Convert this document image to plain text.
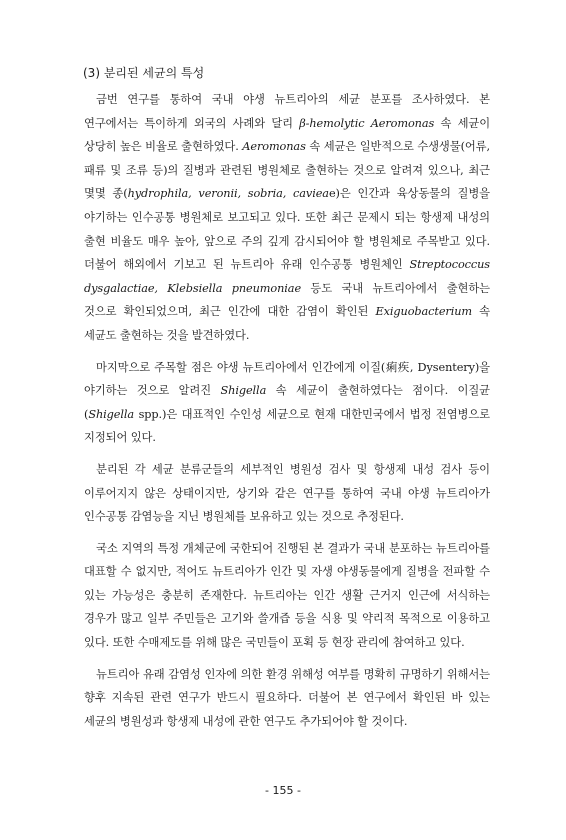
(3) 분리된 세균의 특성

금번 연구를 통하여 국내 야생 뉴트리아의 세균 분포를 조사하였다. 본 연구에서는 특이하게 외국의 사례와 달리 β-hemolytic Aeromonas 속 세균이 상당히 높은 비율로 출현하였다. Aeromonas 속 세균은 일반적으로 수생생물(어류, 패류 및 조류 등)의 질병과 관련된 병원체로 출현하는 것으로 알려져 있으나, 최근 몇몇 종(hydrophila, veronii, sobria, cavieae)은 인간과 육상동물의 질병을 야기하는 인수공통 병원체로 보고되고 있다. 또한 최근 문제시 되는 항생제 내성의 출현 비율도 매우 높아, 앞으로 주의 깊게 감시되어야 할 병원체로 주목받고 있다. 더불어 해외에서 기보고 된 뉴트리아 유래 인수공통 병원체인 Streptococcus dysgalactiae, Klebsiella pneumoniae 등도 국내 뉴트리아에서 출현하는 것으로 확인되었으며, 최근 인간에 대한 감염이 확인된 Exiguobacterium 속 세균도 출현하는 것을 발견하였다.

마지막으로 주목할 점은 야생 뉴트리아에서 인간에게 이질(痢疾, Dysentery)을 야기하는 것으로 알려진 Shigella 속 세균이 출현하였다는 점이다. 이질균(Shigella spp.)은 대표적인 수인성 세균으로 현재 대한민국에서 법정 전염병으로 지정되어 있다.

분리된 각 세균 분류군들의 세부적인 병원성 검사 및 항생제 내성 검사 등이 이루어지지 않은 상태이지만, 상기와 같은 연구를 통하여 국내 야생 뉴트리아가 인수공통 감염능을 지닌 병원체를 보유하고 있는 것으로 추정된다.

국소 지역의 특정 개체군에 국한되어 진행된 본 결과가 국내 분포하는 뉴트리아를 대표할 수 없지만, 적어도 뉴트리아가 인간 및 자생 야생동물에게 질병을 전파할 수 있는 가능성은 충분히 존재한다. 뉴트리아는 인간 생활 근거지 인근에 서식하는 경우가 많고 일부 주민들은 고기와 쓸개즙 등을 식용 및 약리적 목적으로 이용하고 있다. 또한 수매제도를 위해 많은 국민들이 포획 등 현장 관리에 참여하고 있다.

뉴트리아 유래 감염성 인자에 의한 환경 위해성 여부를 명확히 규명하기 위해서는 향후 지속된 관련 연구가 반드시 필요하다. 더불어 본 연구에서 확인된 바 있는 세균의 병원성과 항생제 내성에 관한 연구도 추가되어야 할 것이다.

- 155 -
